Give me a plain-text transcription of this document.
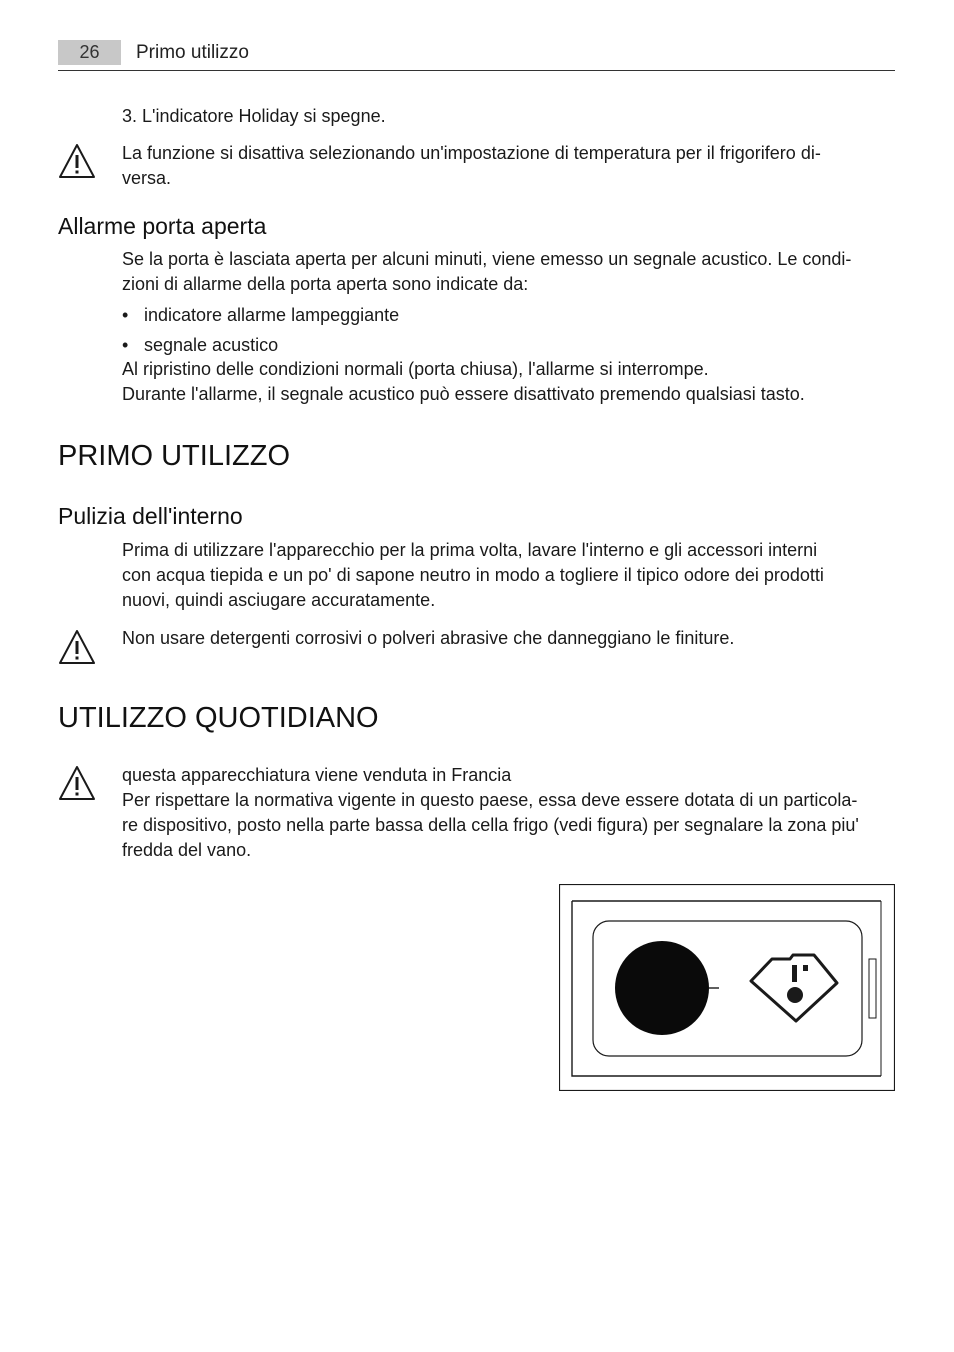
26	Primo utilizzo
3. L'indicatore Holiday si spegne.
La funzione si disattiva selezionando un'impostazione di temperatura per il frigorifero di-
versa.
Allarme porta aperta
Se la porta è lasciata aperta per alcuni minuti, viene emesso un segnale acustico. Le condi-
zioni di allarme della porta aperta sono indicate da:
• indicatore allarme lampeggiante
• segnale acustico
Al ripristino delle condizioni normali (porta chiusa), l'allarme si interrompe.
Durante l'allarme, il segnale acustico può essere disattivato premendo qualsiasi tasto.
PRIMO UTILIZZO
Pulizia dell'interno
Prima di utilizzare l'apparecchio per la prima volta, lavare l'interno e gli accessori interni
con acqua tiepida e un po' di sapone neutro in modo a togliere il tipico odore dei prodotti
nuovi, quindi asciugare accuratamente.
Non usare detergenti corrosivi o polveri abrasive che danneggiano le finiture.
UTILIZZO QUOTIDIANO
questa apparecchiatura viene venduta in Francia
Per rispettare la normativa vigente in questo paese, essa deve essere dotata di un particola-
re dispositivo, posto nella parte bassa della cella frigo (vedi figura) per segnalare la zona piu'
fredda del vano.
